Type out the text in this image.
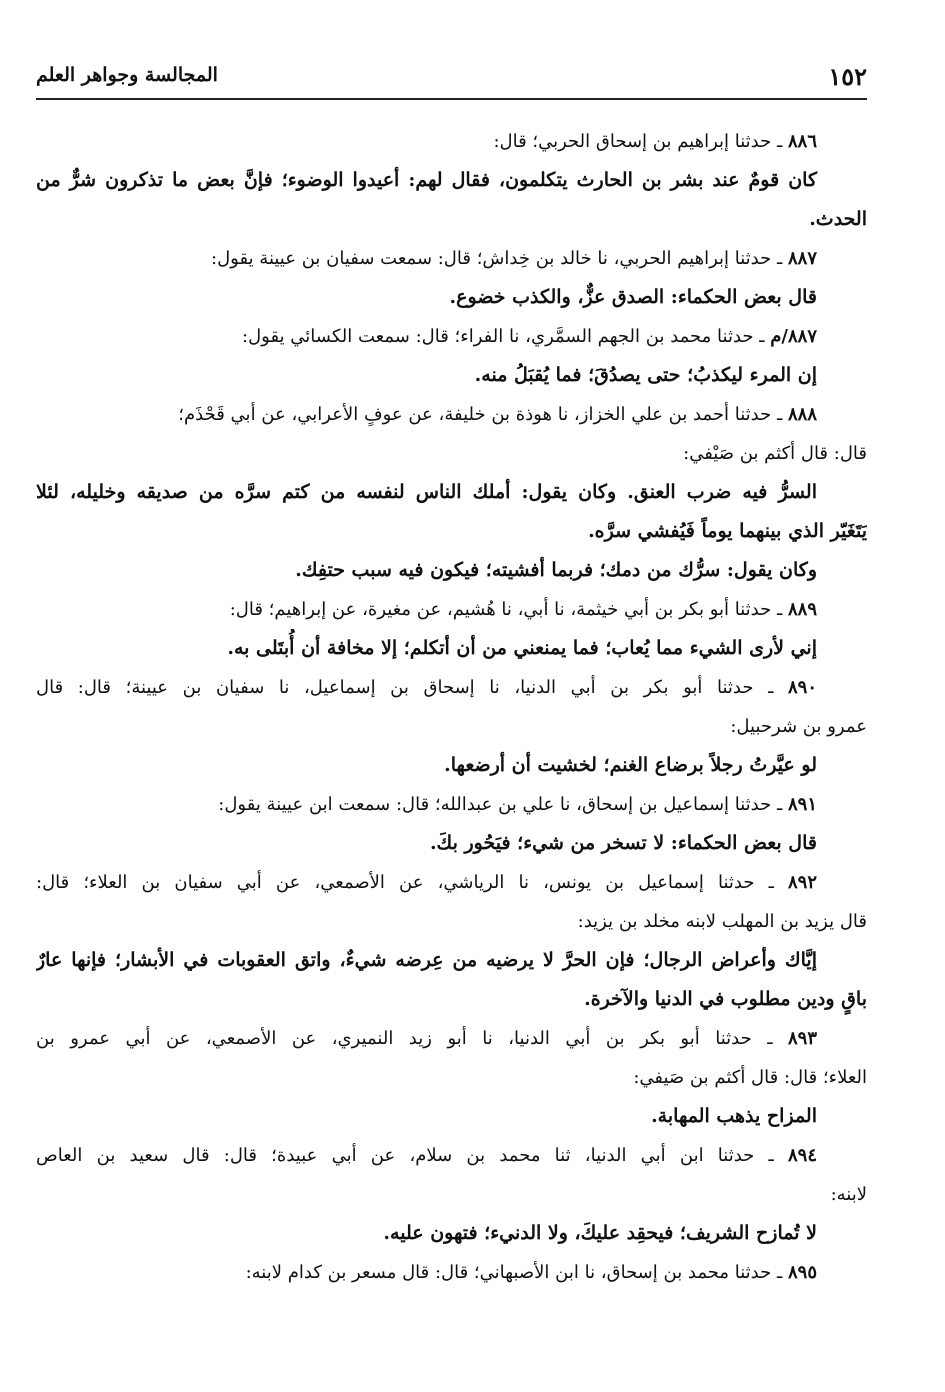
١٥٢
المجالسة وجواهر العلم
٨٨٦ ـ حدثنا إبراهيم بن إسحاق الحربي؛ قال:
كان قومٌ عند بشر بن الحارث يتكلمون، فقال لهم: أعيدوا الوضوء؛ فإنَّ بعض ما تذكرون شرٌّ من
الحدث.
٨٨٧ ـ حدثنا إبراهيم الحربي، نا خالد بن خِداش؛ قال: سمعت سفيان بن عيينة يقول:
قال بعض الحكماء: الصدق عزٌّ، والكذب خضوع.
٨٨٧/م ـ حدثنا محمد بن الجهم السمَّري، نا الفراء؛ قال: سمعت الكسائي يقول:
إن المرء ليكذبُ؛ حتى يصدُقَ؛ فما يُقبَلُ منه.
٨٨٨ ـ حدثنا أحمد بن علي الخزاز، نا هوذة بن خليفة، عن عوفٍ الأعرابي، عن أبي قَحْذَم؛
قال: قال أكثم بن صَيْفي:
السرُّ فيه ضرب العنق. وكان يقول: أملك الناس لنفسه من كتم سرَّه من صديقه وخليله، لئلا
يَتَغَيّر الذي بينهما يوماً فَيُفشي سرَّه.
وكان يقول: سرُّك من دمك؛ فربما أفشيته؛ فيكون فيه سبب حتفِك.
٨٨٩ ـ حدثنا أبو بكر بن أبي خيثمة، نا أبي، نا هُشيم، عن مغيرة، عن إبراهيم؛ قال:
إني لأرى الشيء مما يُعاب؛ فما يمنعني من أن أتكلم؛ إلا مخافة أن أُبتَلى به.
٨٩٠ ـ حدثنا أبو بكر بن أبي الدنيا، نا إسحاق بن إسماعيل، نا سفيان بن عيينة؛ قال: قال
عمرو بن شرحبيل:
لو عيَّرتُ رجلاً برضاع الغنم؛ لخشيت أن أرضعها.
٨٩١ ـ حدثنا إسماعيل بن إسحاق، نا علي بن عبدالله؛ قال: سمعت ابن عيينة يقول:
قال بعض الحكماء: لا تسخر من شيء؛ فيَحُور بكَ.
٨٩٢ ـ حدثنا إسماعيل بن يونس، نا الرياشي، عن الأصمعي، عن أبي سفيان بن العلاء؛ قال:
قال يزيد بن المهلب لابنه مخلد بن يزيد:
إيَّاك وأعراض الرجال؛ فإن الحرَّ لا يرضيه من عِرضه شيءٌ، واتق العقوبات في الأبشار؛ فإنها عارٌ
باقٍ ودين مطلوب في الدنيا والآخرة.
٨٩٣ ـ حدثنا أبو بكر بن أبي الدنيا، نا أبو زيد النميري، عن الأصمعي، عن أبي عمرو بن
العلاء؛ قال: قال أكثم بن صَيفي:
المزاح يذهب المهابة.
٨٩٤ ـ حدثنا ابن أبي الدنيا، ثنا محمد بن سلام، عن أبي عبيدة؛ قال: قال سعيد بن العاص
لابنه:
لا تُمازح الشريف؛ فيحقِد عليكَ، ولا الدنيء؛ فتهون عليه.
٨٩٥ ـ حدثنا محمد بن إسحاق، نا ابن الأصبهاني؛ قال: قال مسعر بن كدام لابنه:
